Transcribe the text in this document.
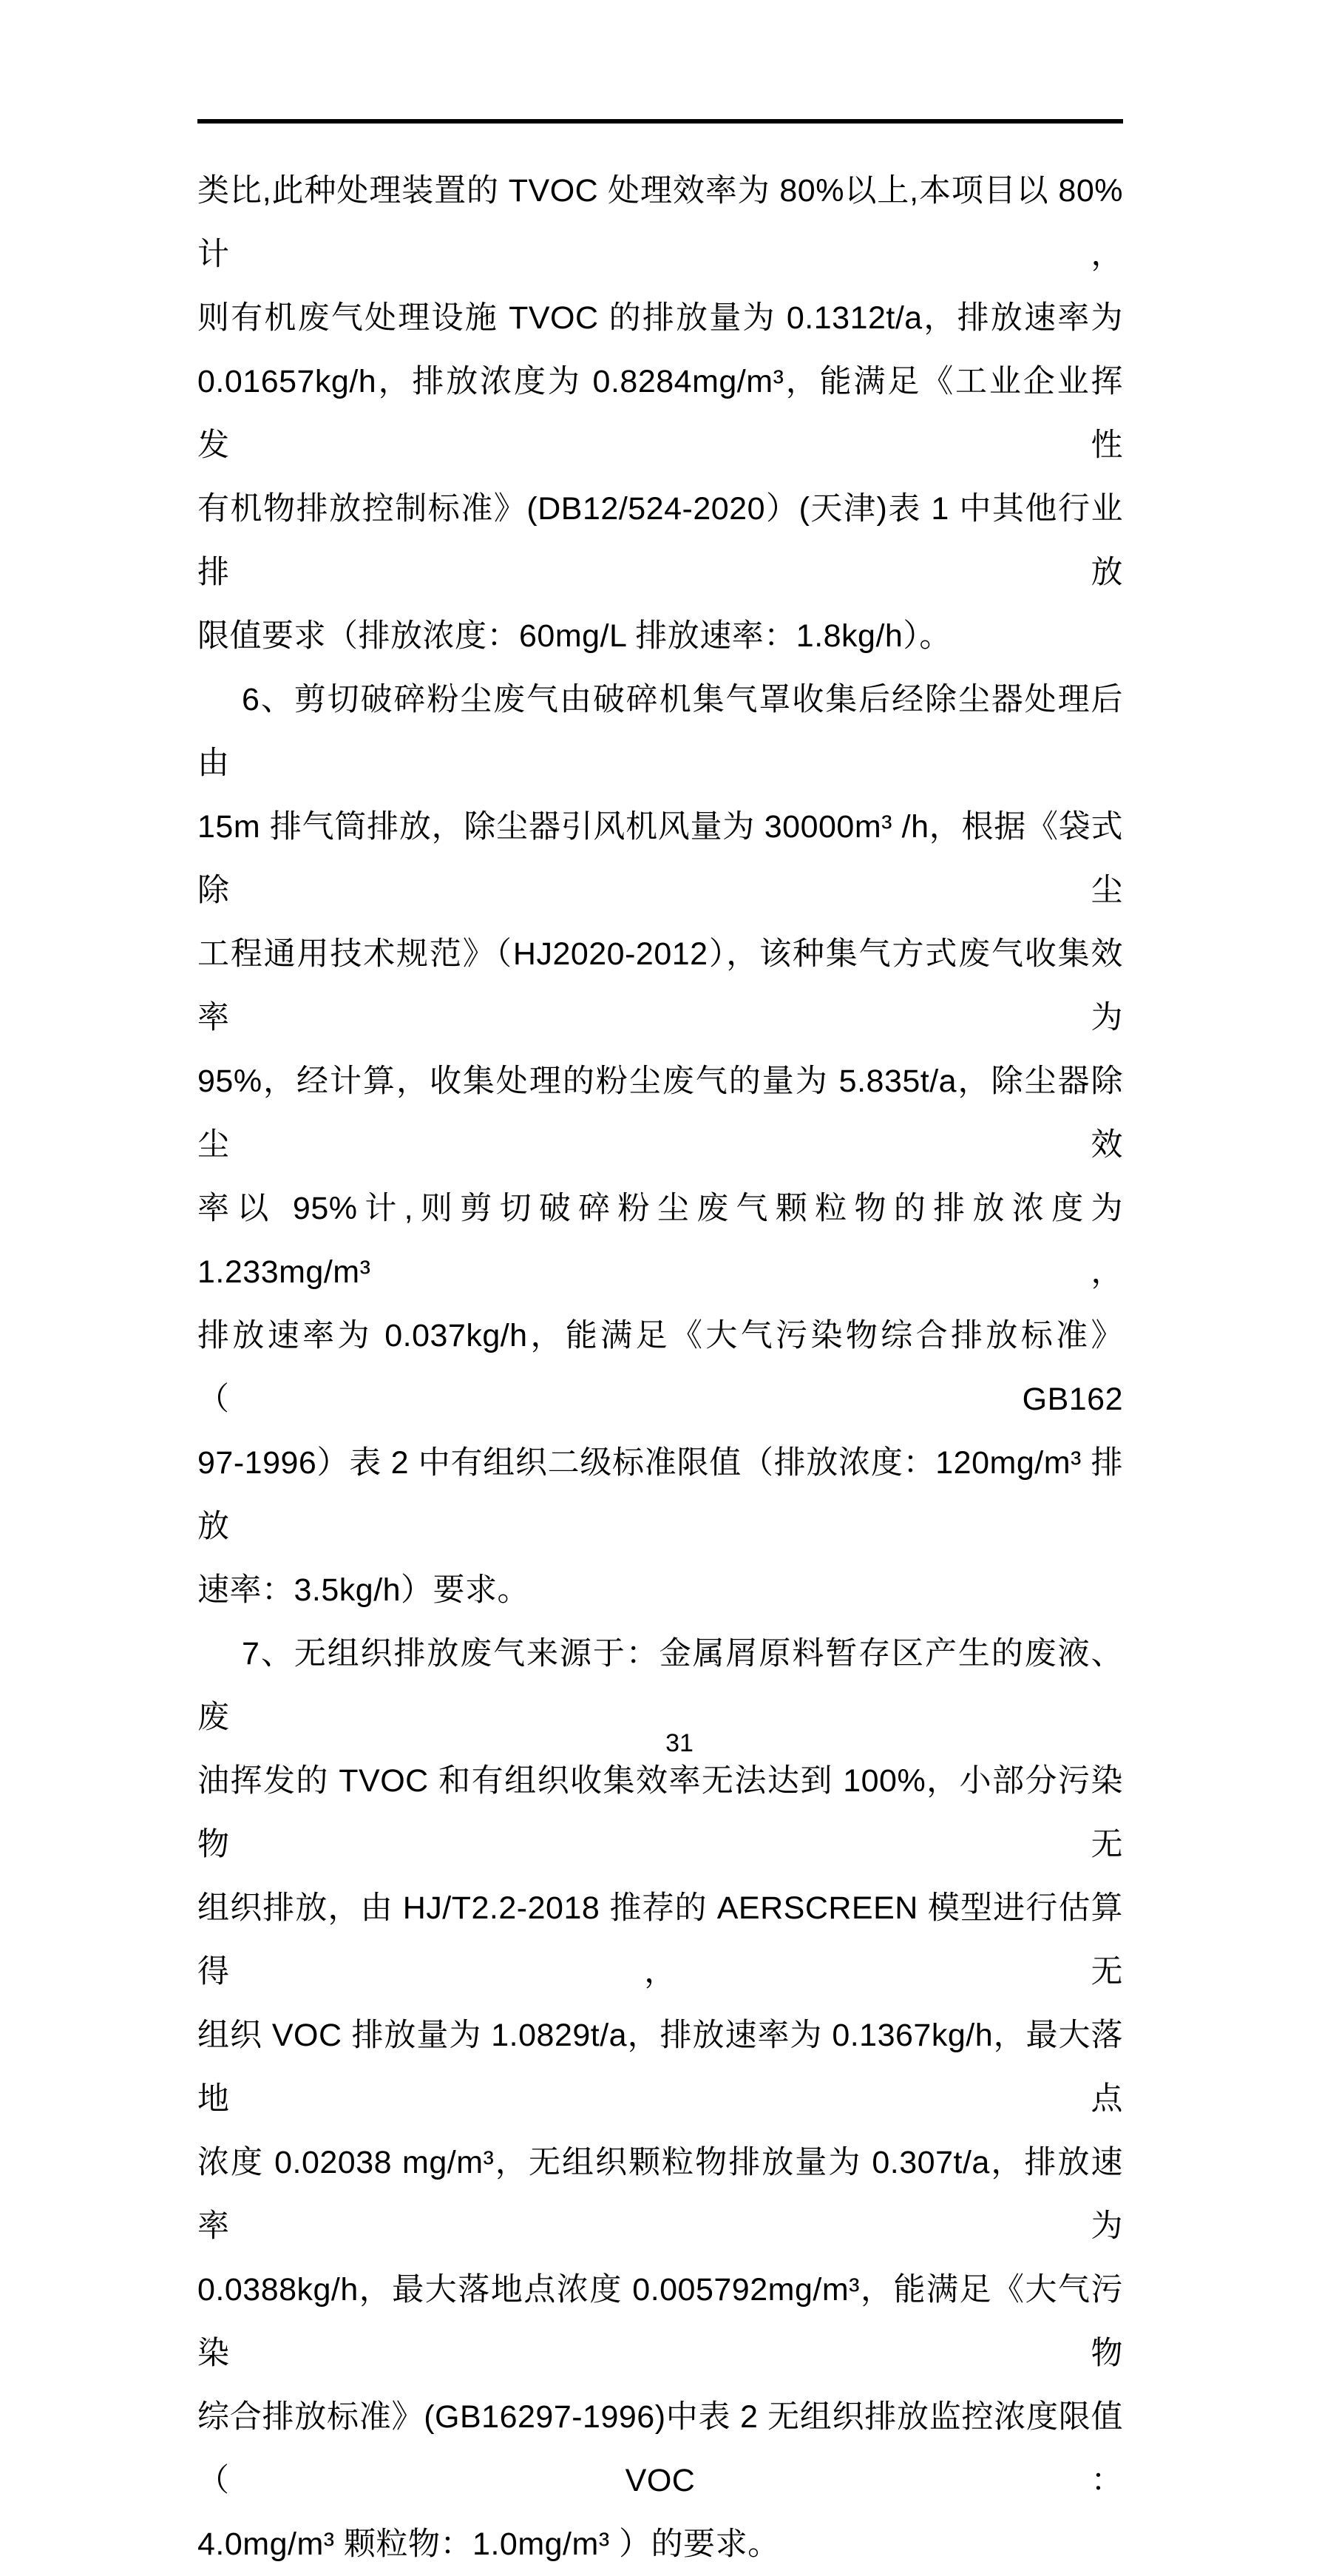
类比,此种处理装置的 TVOC 处理效率为 80%以上,本项目以 80%计，
则有机废气处理设施 TVOC 的排放量为 0.1312t/a，排放速率为
0.01657kg/h，排放浓度为 0.8284mg/m³，能满足《工业企业挥发性
有机物排放控制标准》(DB12/524-2020）(天津)表 1 中其他行业排放
限值要求（排放浓度：60mg/L 排放速率：1.8kg/h）。
6、剪切破碎粉尘废气由破碎机集气罩收集后经除尘器处理后由
15m 排气筒排放，除尘器引风机风量为 30000m³ /h，根据《袋式除尘
工程通用技术规范》（HJ2020-2012），该种集气方式废气收集效率为
95%，经计算，收集处理的粉尘废气的量为 5.835t/a，除尘器除尘效
率以 95%计,则剪切破碎粉尘废气颗粒物的排放浓度为 1.233mg/m³，
排放速率为 0.037kg/h，能满足《大气污染物综合排放标准》（GB162
97-1996）表 2 中有组织二级标准限值（排放浓度：120mg/m³ 排放
速率：3.5kg/h）要求。
7、无组织排放废气来源于：金属屑原料暂存区产生的废液、废
油挥发的 TVOC 和有组织收集效率无法达到 100%，小部分污染物无
组织排放，由 HJ/T2.2-2018 推荐的 AERSCREEN 模型进行估算得，无
组织 VOC 排放量为 1.0829t/a，排放速率为 0.1367kg/h，最大落地点
浓度 0.02038 mg/m³，无组织颗粒物排放量为 0.307t/a，排放速率为
0.0388kg/h，最大落地点浓度 0.005792mg/m³，能满足《大气污染物
综合排放标准》(GB16297-1996)中表 2 无组织排放监控浓度限值（VOC：
4.0mg/m³ 颗粒物：1.0mg/m³ ）的要求。
31
